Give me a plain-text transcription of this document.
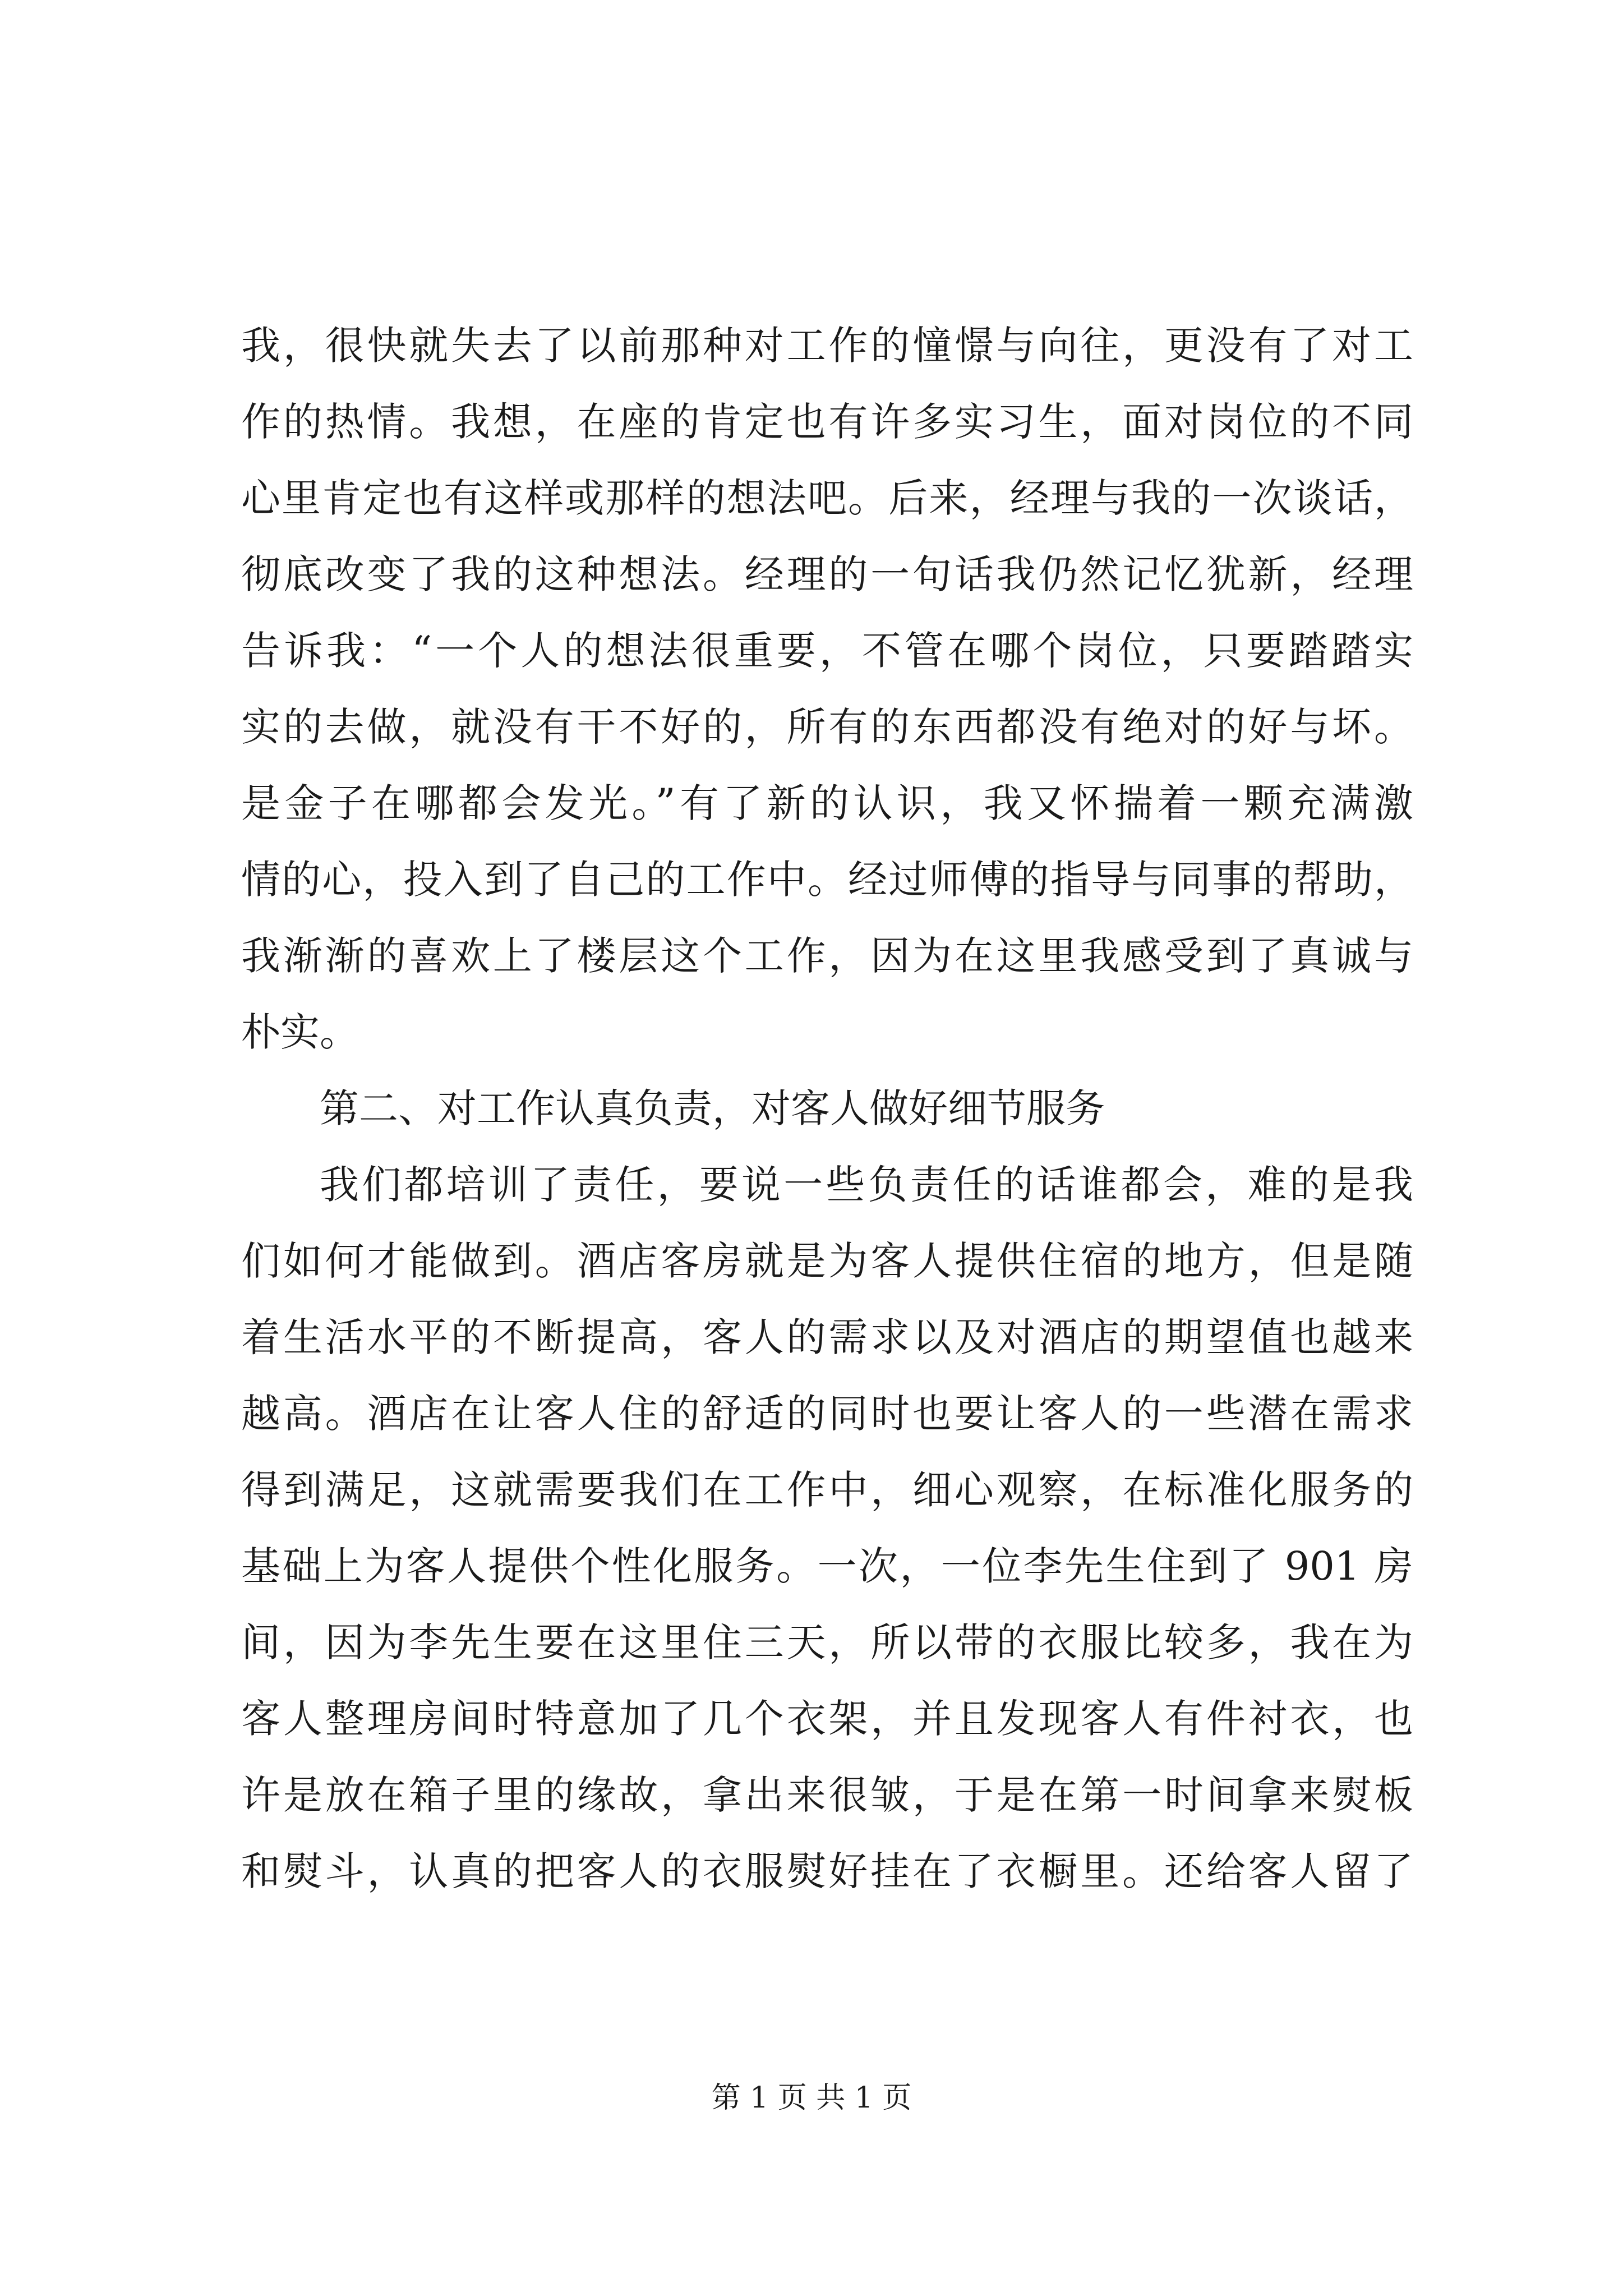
我，很快就失去了以前那种对工作的憧憬与向往，更没有了对工
作的热情。我想，在座的肯定也有许多实习生，面对岗位的不同
心里肯定也有这样或那样的想法吧。后来，经理与我的一次谈话，
彻底改变了我的这种想法。经理的一句话我仍然记忆犹新，经理
告诉我：“一个人的想法很重要，不管在哪个岗位，只要踏踏实
实的去做，就没有干不好的，所有的东西都没有绝对的好与坏。
是金子在哪都会发光。”有了新的认识，我又怀揣着一颗充满激
情的心，投入到了自己的工作中。经过师傅的指导与同事的帮助，
我渐渐的喜欢上了楼层这个工作，因为在这里我感受到了真诚与
朴实。
第二、对工作认真负责，对客人做好细节服务
我们都培训了责任，要说一些负责任的话谁都会，难的是我
们如何才能做到。酒店客房就是为客人提供住宿的地方，但是随
着生活水平的不断提高，客人的需求以及对酒店的期望值也越来
越高。酒店在让客人住的舒适的同时也要让客人的一些潜在需求
得到满足，这就需要我们在工作中，细心观察，在标准化服务的
基础上为客人提供个性化服务。一次，一位李先生住到了 901 房
间，因为李先生要在这里住三天，所以带的衣服比较多，我在为
客人整理房间时特意加了几个衣架，并且发现客人有件衬衣，也
许是放在箱子里的缘故，拿出来很皱，于是在第一时间拿来熨板
和熨斗，认真的把客人的衣服熨好挂在了衣橱里。还给客人留了
第 1 页 共 1 页
